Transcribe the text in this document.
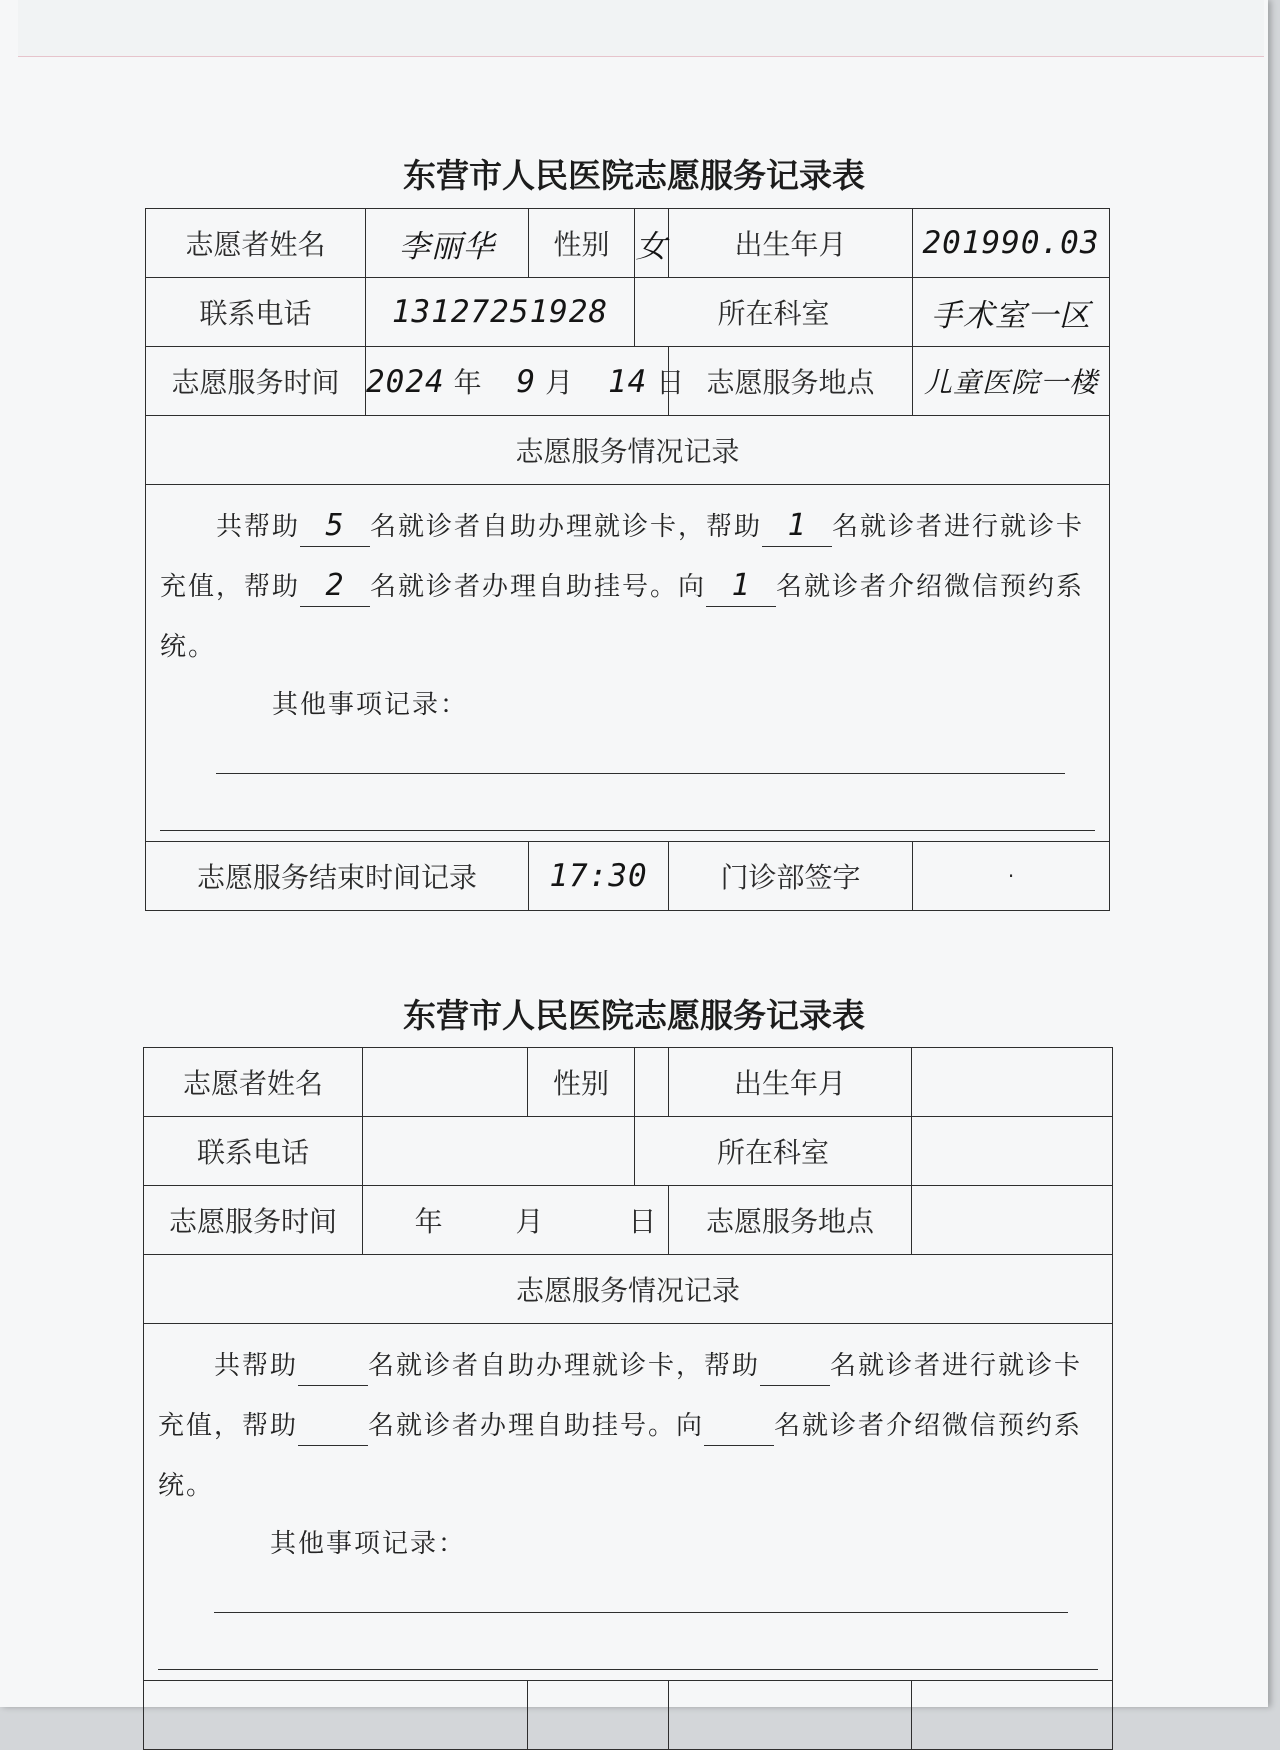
东营市人民医院志愿服务记录表
志愿者姓名	李丽华	性别	女	出生年月	201990.03
联系电话	13127251928		所在科室		手术室一区
志愿服务时间	2024 年 9 月 14 日			志愿服务地点	儿童医院一楼
志愿服务情况记录					

共帮助 5 名就诊者自助办理就诊卡，帮助 1 名就诊者进行就诊卡充值，帮助 2 名就诊者办理自助挂号。向 1 名就诊者介绍微信预约系统。

其他事项记录：					

志愿服务结束时间记录		17:30		门诊部签字	·
东营市人民医院志愿服务记录表
志愿者姓名		性别		出生年月	
联系电话			所在科室		
志愿服务时间	年 月 日			志愿服务地点	
志愿服务情况记录					

共帮助 名就诊者自助办理就诊卡，帮助 名就诊者进行就诊卡充值，帮助 名就诊者办理自助挂号。向 名就诊者介绍微信预约系统。

其他事项记录：					
